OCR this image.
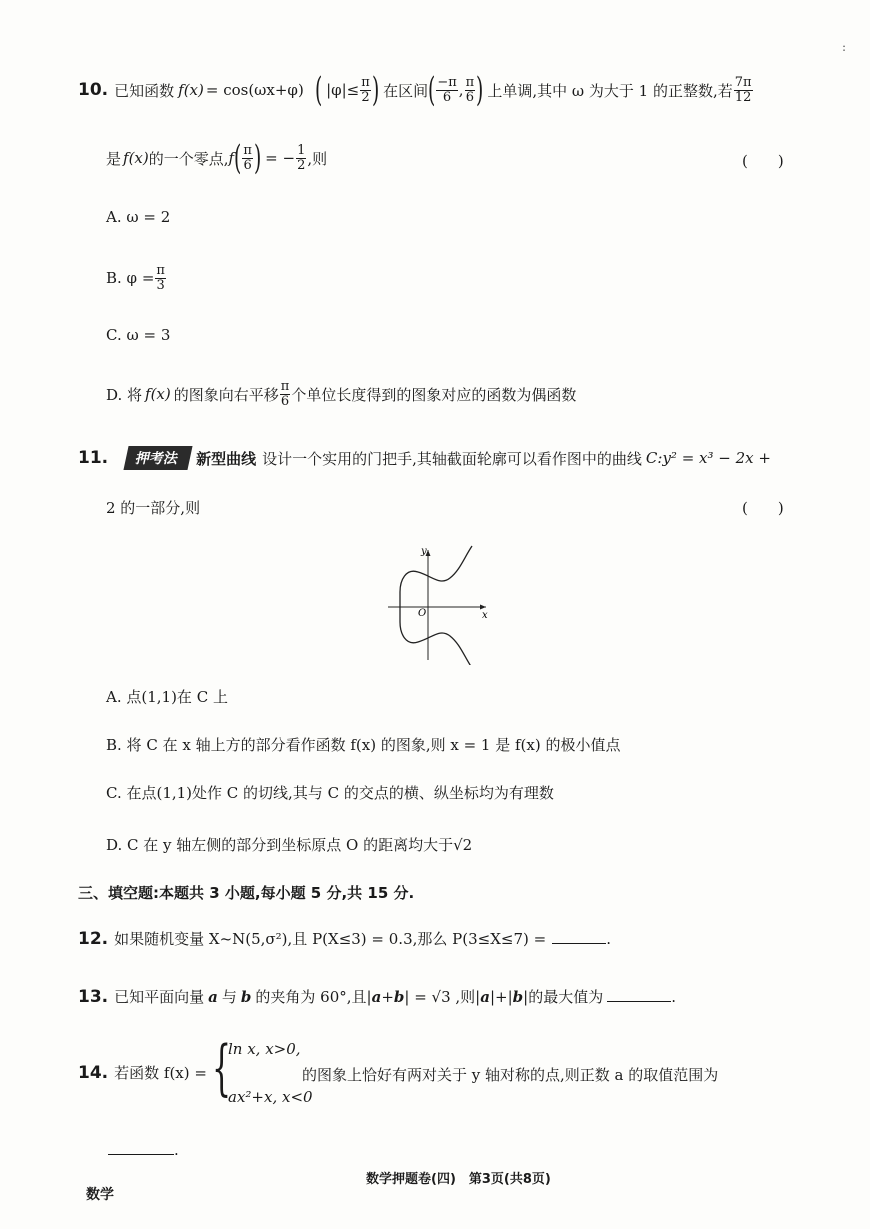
:
10. 已知函数 f(x) = cos(ωx+φ) ( $|\varphi|\le \frac{\pi}{2}$ ) 在区间 ( $\frac{-\pi}{6}$ , $\frac{\pi}{6}$ ) 上单调,其中 ω 为大于 1 的正整数,若 $\frac{7\pi}{12}$
是 f(x) 的一个零点, f ( $\frac{\pi}{6}$ ) = − $\frac{1}{2}$ ,则	(　　)
A. ω = 2
B. $\varphi = \frac{\pi}{3}$
C. ω = 3
D. 将 f(x) 的图象向右平移 $\frac{\pi}{6}$ 个单位长度得到的图象对应的函数为偶函数
11.	押考法	新型曲线 设计一个实用的门把手,其轴截面轮廓可以看作图中的曲线 C:y² = x³ − 2x +
2 的一部分,则	(　　)
y
x
O
A. 点(1,1)在 C 上
B. 将 C 在 x 轴上方的部分看作函数 f(x) 的图象,则 x = 1 是 f(x) 的极小值点
C. 在点(1,1)处作 C 的切线,其与 C 的交点的横、纵坐标均为有理数
D. C 在 y 轴左侧的部分到坐标原点 O 的距离均大于√2
三、填空题:本题共 3 小题,每小题 5 分,共 15 分.
12. 如果随机变量 X~N(5,σ²),且 P(X≤3) = 0.3,那么 P(3≤X≤7) =	.
13. 已知平面向量 a 与 b 的夹角为 60°,且| a + b | = √3 ,则| a |+| b |的最大值为	.
14. 若函数 f(x) = {
ln x, x>0,
ax²+x, x<0
的图象上恰好有两对关于 y 轴对称的点,则正数 a 的取值范围为
.
数学押题卷(四)　第3页(共8页)
数学
